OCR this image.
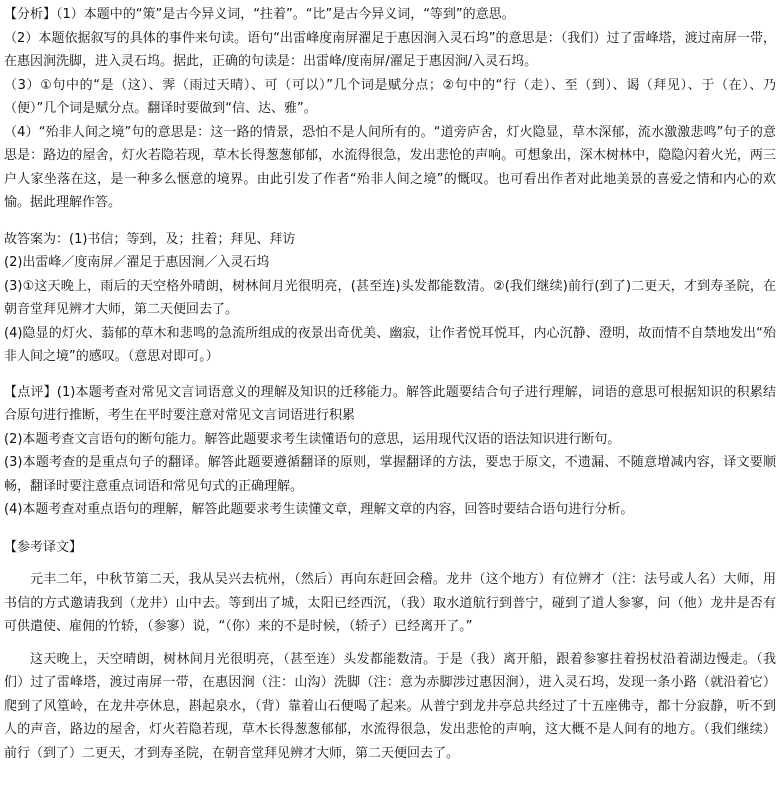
【分析】（1）本题中的“策”是古今异义词，“拄着”。“比”是古今异义词，“等到”的意思。

（2）本题依据叙写的具体的事件来句读。语句“出雷峰度南屏濯足于惠因涧入灵石坞”的意思是：（我们）过了雷峰塔，渡过南屏一带，在惠因涧洗脚，进入灵石坞。据此，正确的句读是：出雷峰/度南屏/濯足于惠因涧/入灵石坞。

（3）①句中的“是（这）、霁（雨过天晴）、可（可以）”几个词是赋分点；②句中的“行（走）、至（到）、谒（拜见）、于（在）、乃（便）”几个词是赋分点。翻译时要做到“信、达、雅”。

（4）“殆非人间之境”句的意思是：这一路的情景，恐怕不是人间所有的。“道旁庐舍，灯火隐显，草木深郁，流水激激悲鸣”句子的意思是：路边的屋舍，灯火若隐若现，草木长得葱葱郁郁，水流得很急，发出悲怆的声响。可想象出，深木树林中，隐隐闪着火光，两三户人家坐落在这，是一种多么惬意的境界。由此引发了作者“殆非人间之境”的慨叹。也可看出作者对此地美景的喜爱之情和内心的欢愉。据此理解作答。

故答案为：(1)书信；等到，及；拄着；拜见、拜访

(2)出雷峰／度南屏／濯足于惠因涧／入灵石坞

(3)①这天晚上，雨后的天空格外晴朗，树林间月光很明亮，(甚至连)头发都能数清。②(我们继续)前行(到了)二更天，才到寿圣院，在朝音堂拜见辨才大师，第二天便回去了。

(4)隐显的灯火、蓊郁的草木和悲鸣的急流所组成的夜景出奇优美、幽寂，让作者悦耳悦耳，内心沉静、澄明，故而情不自禁地发出“殆非人间之境”的感叹。（意思对即可。）

【点评】(1)本题考查对常见文言词语意义的理解及知识的迁移能力。解答此题要结合句子进行理解，词语的意思可根据知识的积累结合原句进行推断，考生在平时要注意对常见文言词语进行积累

(2)本题考查文言语句的断句能力。解答此题要求考生读懂语句的意思，运用现代汉语的语法知识进行断句。

(3)本题考查的是重点句子的翻译。解答此题要遵循翻译的原则，掌握翻译的方法，要忠于原文，不遗漏、不随意增减内容，译文要顺畅，翻译时要注意重点词语和常见句式的正确理解。

(4)本题考查对重点语句的理解，解答此题要求考生读懂文章，理解文章的内容，回答时要结合语句进行分析。

【参考译文】

元丰二年，中秋节第二天，我从吴兴去杭州，（然后）再向东赶回会稽。龙井（这个地方）有位辨才（注：法号或人名）大师，用书信的方式邀请我到（龙井）山中去。等到出了城，太阳已经西沉，（我）取水道航行到普宁，碰到了道人参寥，问（他）龙井是否有可供遣使、雇佣的竹轿，（参寥）说，“（你）来的不是时候，（轿子）已经离开了。”

这天晚上，天空晴朗，树林间月光很明亮，（甚至连）头发都能数清。于是（我）离开船，跟着参寥拄着拐杖沿着湖边慢走。（我们）过了雷峰塔，渡过南屏一带，在惠因涧（注：山沟）洗脚（注：意为赤脚涉过惠因涧），进入灵石坞，发现一条小路（就沿着它）爬到了风篁岭，在龙井亭休息，斟起泉水，（背）靠着山石便喝了起来。从普宁到龙井亭总共经过了十五座佛寺，都十分寂静，听不到人的声音，路边的屋舍，灯火若隐若现，草木长得葱葱郁郁，水流得很急，发出悲怆的声响，这大概不是人间有的地方。（我们继续）前行（到了）二更天，才到寿圣院，在朝音堂拜见辨才大师，第二天便回去了。
